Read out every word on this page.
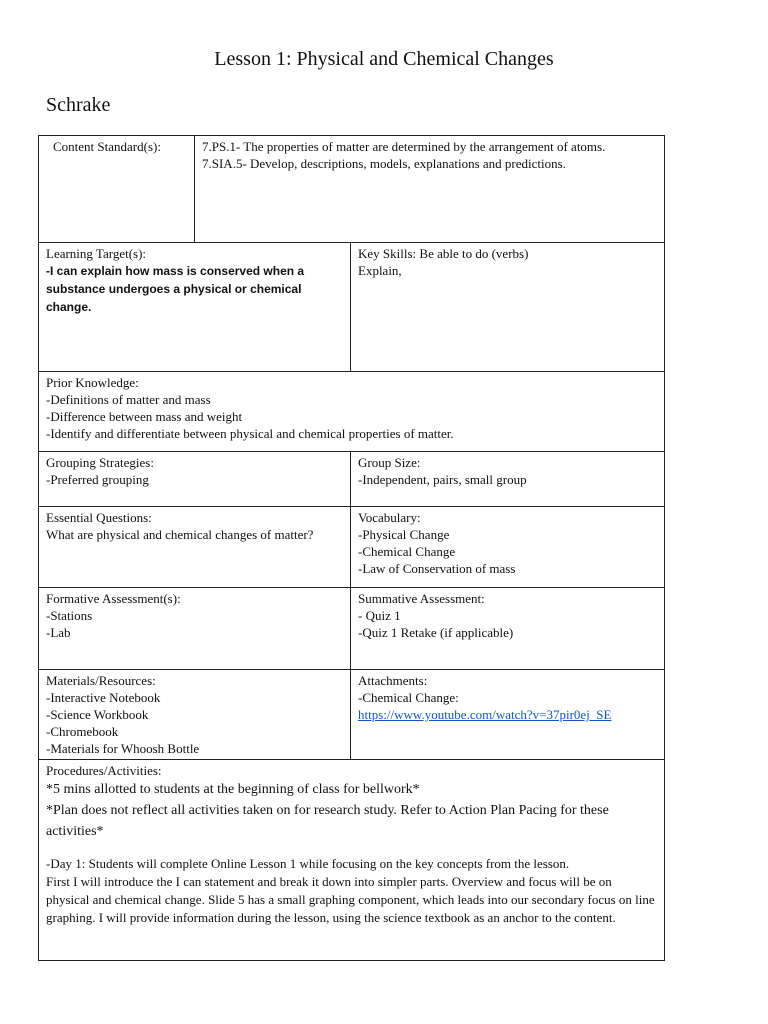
Lesson 1: Physical and Chemical Changes
Schrake
Content Standard(s):	7.PS.1- The properties of matter are determined by the arrangement of atoms.
7.SIA.5- Develop, descriptions, models, explanations and predictions.	

Learning Target(s):
-I can explain how mass is conserved when a
substance undergoes a physical or chemical change.		Key Skills: Be able to do (verbs)
Explain,

Prior Knowledge:
-Definitions of matter and mass
-Difference between mass and weight
-Identify and differentiate between physical and chemical properties of matter.		

Grouping Strategies:
-Preferred grouping		Group Size:
-Independent, pairs, small group

Essential Questions:
What are physical and chemical changes of matter?		Vocabulary:
-Physical Change
-Chemical Change
-Law of Conservation of mass

Formative Assessment(s):
-Stations
-Lab		Summative Assessment:
- Quiz 1
-Quiz 1 Retake (if applicable)

Materials/Resources:
-Interactive Notebook
-Science Workbook
-Chromebook
-Materials for Whoosh Bottle		Attachments:
-Chemical Change:
https://www.youtube.com/watch?v=37pir0ej_SE

Procedures/Activities:
*5 mins allotted to students at the beginning of class for bellwork*
*Plan does not reflect all activities taken on for research study. Refer to Action Plan Pacing for these activities*
-Day 1: Students will complete Online Lesson 1 while focusing on the key concepts from the lesson.
First I will introduce the I can statement and break it down into simpler parts. Overview and focus will be on physical and chemical change. Slide 5 has a small graphing component, which leads into our secondary focus on line graphing. I will provide information during the lesson, using the science textbook as an anchor to the content.		
